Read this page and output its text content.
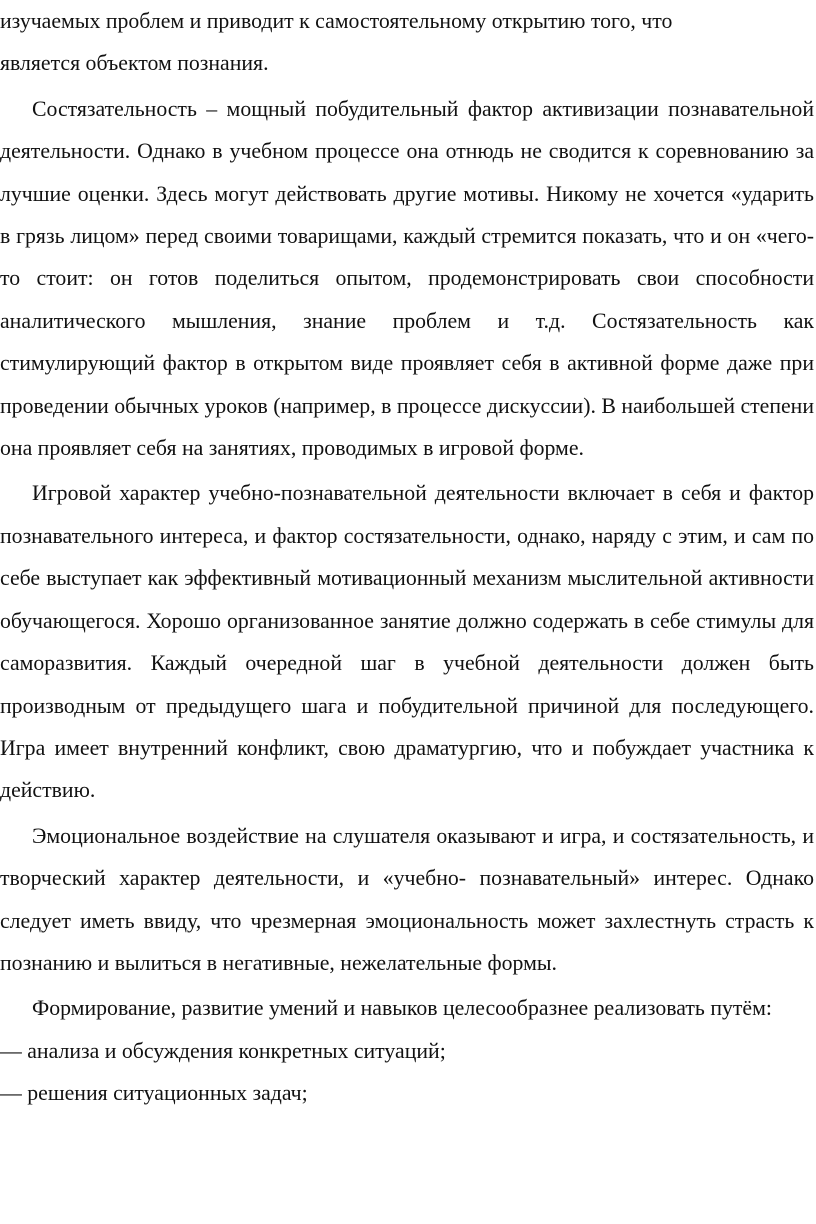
изучаемых проблем и приводит к самостоятельному открытию того, что
является объектом познания.

Состязательность – мощный побудительный фактор активизации познавательной деятельности. Однако в учебном процессе она отнюдь не сводится к соревнованию за лучшие оценки. Здесь могут действовать другие мотивы. Никому не хочется «ударить в грязь лицом» перед своими товарищами, каждый стремится показать, что и он «чего-то стоит: он готов поделиться опытом, продемонстрировать свои способности аналитического мышления, знание проблем и т.д. Состязательность как стимулирующий фактор в открытом виде проявляет себя в активной форме даже при проведении обычных уроков (например, в процессе дискуссии). В наибольшей степени она проявляет себя на занятиях, проводимых в игровой форме.

Игровой характер учебно-познавательной деятельности включает в себя и фактор познавательного интереса, и фактор состязательности, однако, наряду с этим, и сам по себе выступает как эффективный мотивационный механизм мыслительной активности обучающегося. Хорошо организованное занятие должно содержать в себе стимулы для саморазвития. Каждый очередной шаг в учебной деятельности должен быть производным от предыдущего шага и побудительной причиной для последующего. Игра имеет внутренний конфликт, свою драматургию, что и побуждает участника к действию.

Эмоциональное воздействие на слушателя оказывают и игра, и состязательность, и творческий характер деятельности, и «учебно- познавательный» интерес. Однако следует иметь ввиду, что чрезмерная эмоциональность может захлестнуть страсть к познанию и вылиться в негативные, нежелательные формы.

Формирование, развитие умений и навыков целесообразнее реализовать путём:

— анализа и обсуждения конкретных ситуаций;

— решения ситуационных задач;
